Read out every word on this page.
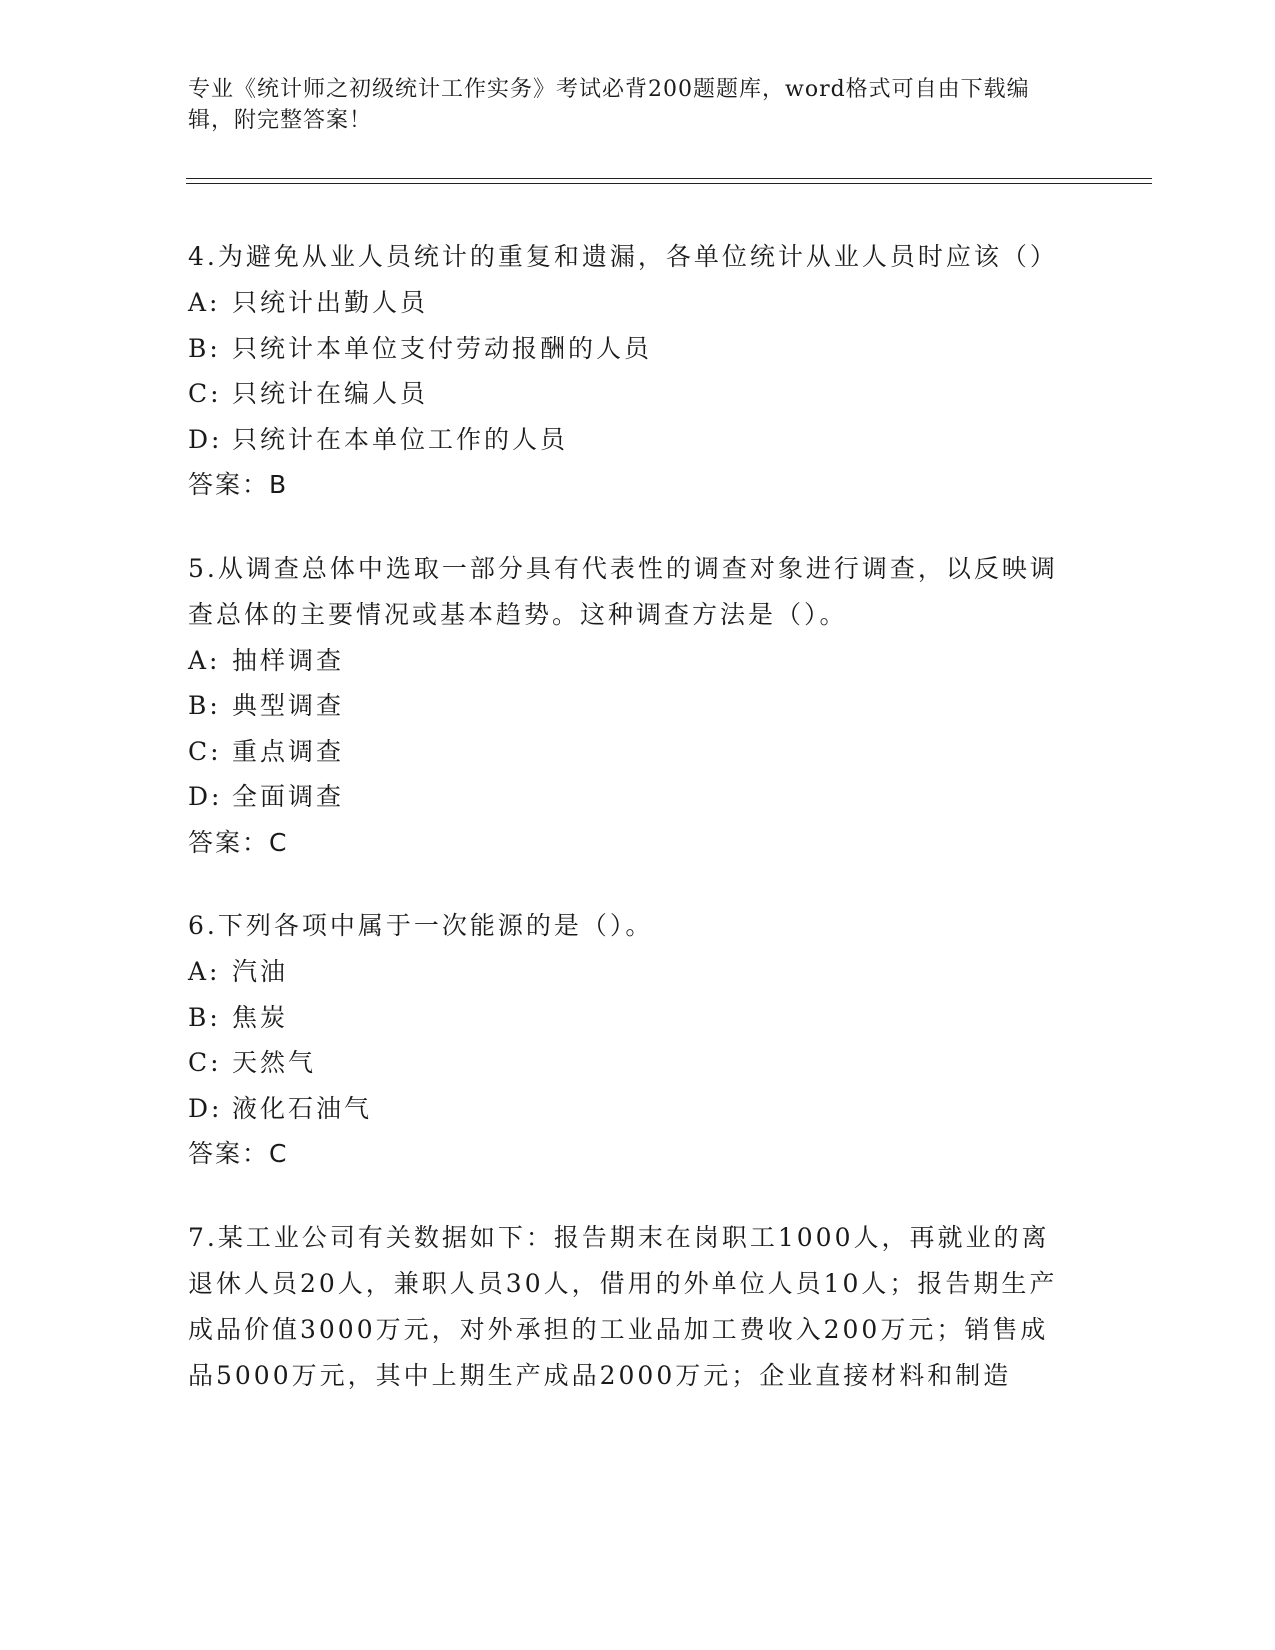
专业《统计师之初级统计工作实务》考试必背200题题库，word格式可自由下载编辑，附完整答案！

4.为避免从业人员统计的重复和遗漏，各单位统计从业人员时应该（）

A: 只统计出勤人员

B: 只统计本单位支付劳动报酬的人员

C: 只统计在编人员

D: 只统计在本单位工作的人员

答案：B

5.从调查总体中选取一部分具有代表性的调查对象进行调查，以反映调查总体的主要情况或基本趋势。这种调查方法是（）。

A: 抽样调查

B: 典型调查

C: 重点调查

D: 全面调查

答案：C

6.下列各项中属于一次能源的是（）。

A: 汽油

B: 焦炭

C: 天然气

D: 液化石油气

答案：C

7.某工业公司有关数据如下：报告期末在岗职工1000人，再就业的离退休人员20人，兼职人员30人，借用的外单位人员10人；报告期生产成品价值3000万元，对外承担的工业品加工费收入200万元；销售成品5000万元，其中上期生产成品2000万元；企业直接材料和制造
